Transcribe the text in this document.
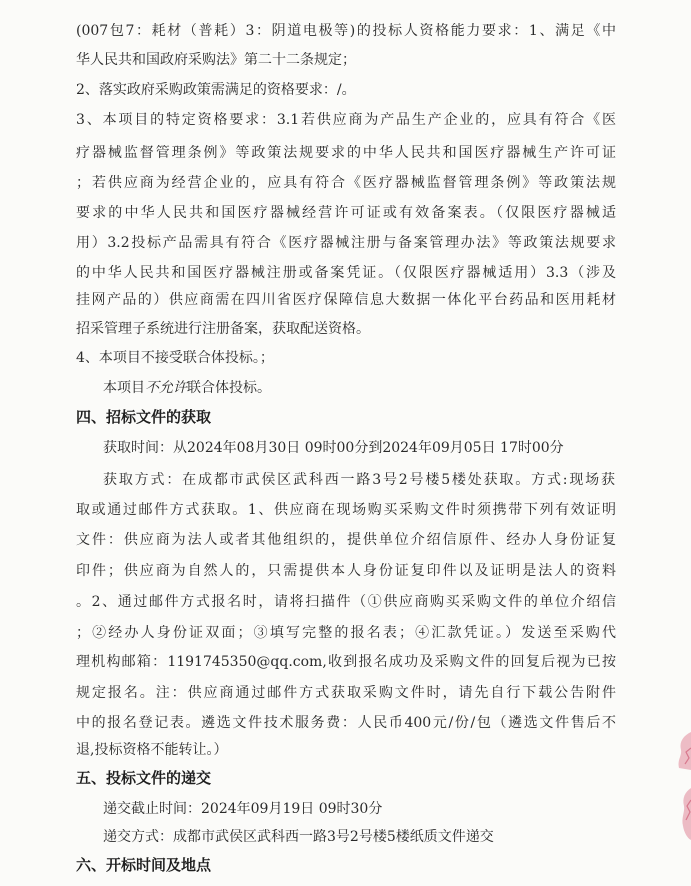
(007包7：耗材（普耗）3：阴道电极等)的投标人资格能力要求：1、满足《中
华人民共和国政府采购法》第二十二条规定；
2、落实政府采购政策需满足的资格要求：/。
3、本项目的特定资格要求：3.1若供应商为产品生产企业的，应具有符合《医
疗器械监督管理条例》等政策法规要求的中华人民共和国医疗器械生产许可证
；若供应商为经营企业的，应具有符合《医疗器械监督管理条例》等政策法规
要求的中华人民共和国医疗器械经营许可证或有效备案表。（仅限医疗器械适
用）3.2投标产品需具有符合《医疗器械注册与备案管理办法》等政策法规要求
的中华人民共和国医疗器械注册或备案凭证。（仅限医疗器械适用）3.3（涉及
挂网产品的）供应商需在四川省医疗保障信息大数据一体化平台药品和医用耗材
招采管理子系统进行注册备案，获取配送资格。
4、本项目不接受联合体投标。；
本项目不允许联合体投标。
四、招标文件的获取
获取时间：从2024年08月30日 09时00分到2024年09月05日 17时00分
获取方式：在成都市武侯区武科西一路3号2号楼5楼处获取。方式:现场获
取或通过邮件方式获取。1、供应商在现场购买采购文件时须携带下列有效证明
文件：供应商为法人或者其他组织的，提供单位介绍信原件、经办人身份证复
印件；供应商为自然人的，只需提供本人身份证复印件以及证明是法人的资料
。2、通过邮件方式报名时，请将扫描件（①供应商购买采购文件的单位介绍信
；②经办人身份证双面；③填写完整的报名表；④汇款凭证。）发送至采购代
理机构邮箱：1191745350@qq.com,收到报名成功及采购文件的回复后视为已按
规定报名。注：供应商通过邮件方式获取采购文件时，请先自行下载公告附件
中的报名登记表。遴选文件技术服务费：人民币400元/份/包（遴选文件售后不
退,投标资格不能转让。）
五、投标文件的递交
递交截止时间：2024年09月19日 09时30分
递交方式：成都市武侯区武科西一路3号2号楼5楼纸质文件递交
六、开标时间及地点
